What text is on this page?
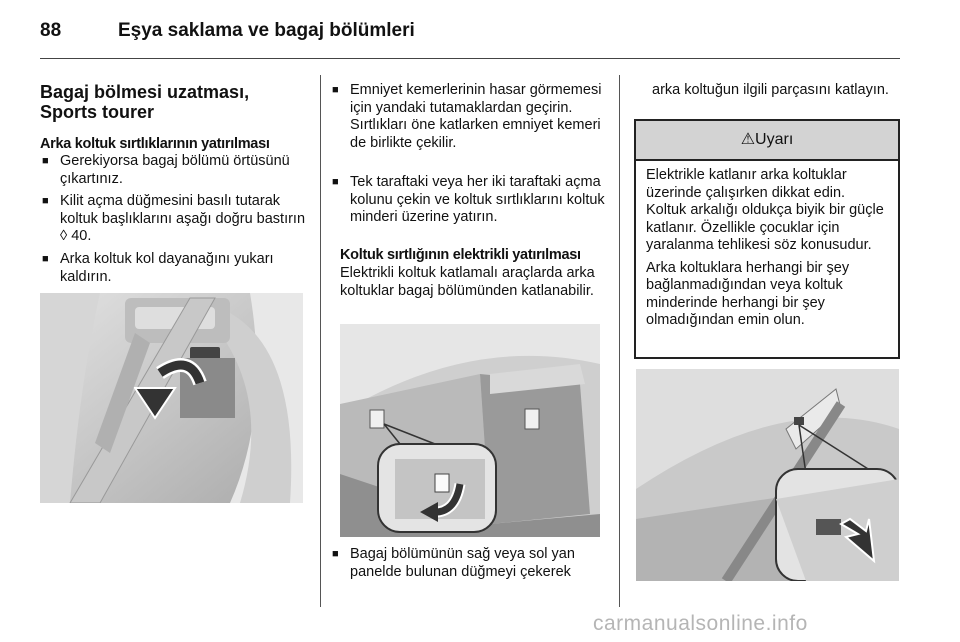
88	Eşya saklama ve bagaj bölümleri
Bagaj bölmesi uzatması, Sports tourer
Arka koltuk sırtlıklarının yatırılması
■ Gerekiyorsa bagaj bölümü örtüsünü çıkartınız.
■ Kilit açma düğmesini basılı tutarak koltuk başlıklarını aşağı doğru bastırın ◊ 40.
■ Arka koltuk kol dayanağını yukarı kaldırın.
■ Emniyet kemerlerinin hasar görmemesi için yandaki tutamaklardan geçirin. Sırtlıkları öne katlarken emniyet kemeri de birlikte çekilir.
■ Tek taraftaki veya her iki taraftaki açma kolunu çekin ve koltuk sırtlıklarını koltuk minderi üzerine yatırın.
Koltuk sırtlığının elektrikli yatırılması
Elektrikli koltuk katlamalı araçlarda arka koltuklar bagaj bölümünden katlanabilir.
■ Bagaj bölümünün sağ veya sol yan panelde bulunan düğmeyi çekerek
arka koltuğun ilgili parçasını katlayın.
⚠Uyarı

Elektrikle katlanır arka koltuklar üzerinde çalışırken dikkat edin. Koltuk arkalığı oldukça biyik bir güçle katlanır. Özellikle çocuklar için yaralanma tehlikesi söz konusudur.

Arka koltuklara herhangi bir şey bağlanmadığından veya koltuk minderinde herhangi bir şey olmadığından emin olun.

carmanualsonline.info
